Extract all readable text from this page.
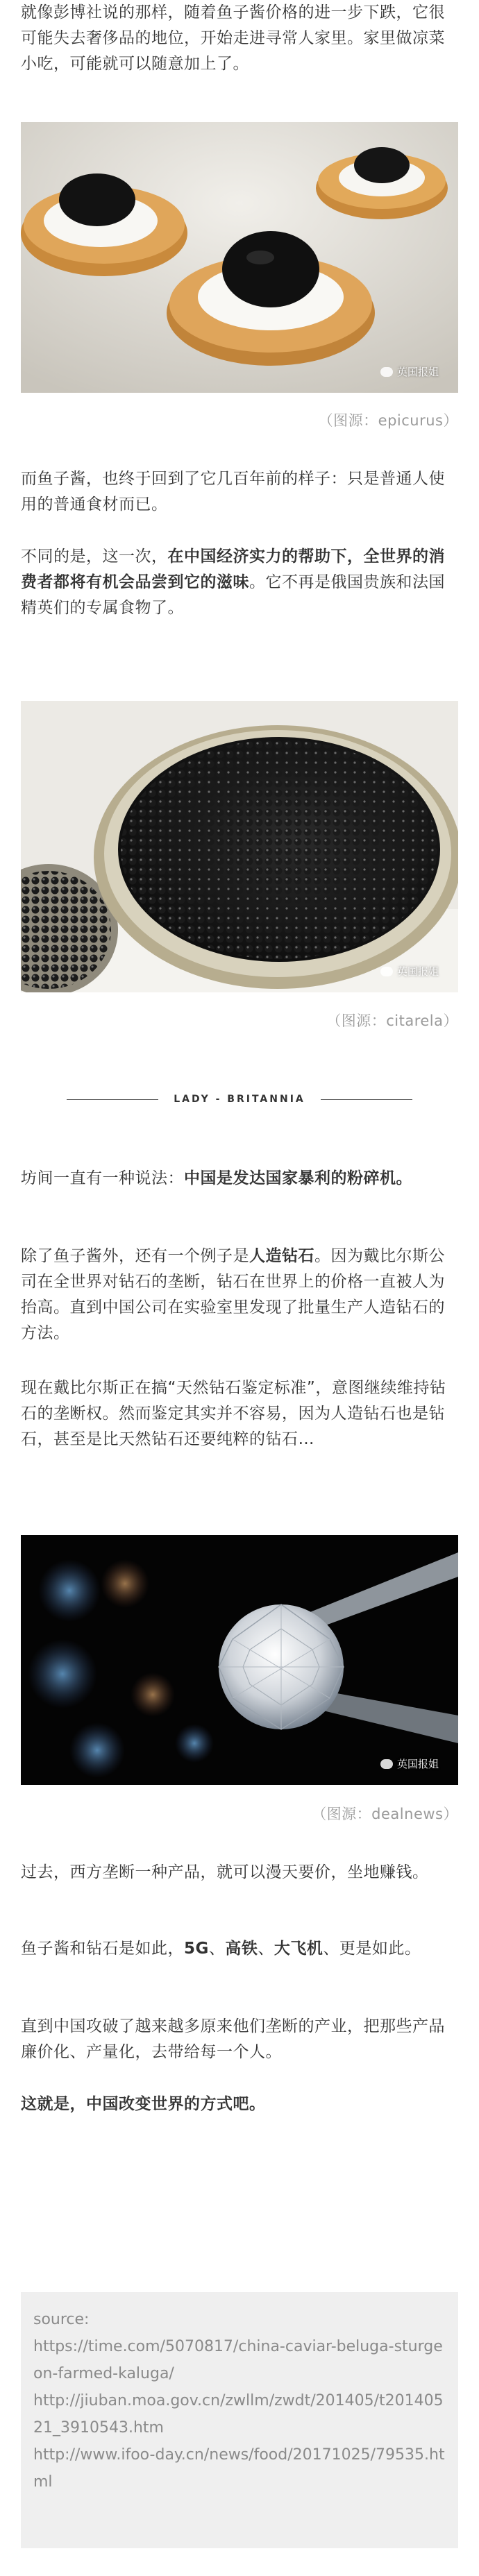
就像彭博社说的那样，随着鱼子酱价格的进一步下跌，它很可能失去奢侈品的地位，开始走进寻常人家里。家里做凉菜小吃，可能就可以随意加上了。

英国报姐
（图源：epicurus）

而鱼子酱，也终于回到了它几百年前的样子：只是普通人使用的普通食材而已。

不同的是，这一次，在中国经济实力的帮助下，全世界的消费者都将有机会品尝到它的滋味。它不再是俄国贵族和法国精英们的专属食物了。

英国报姐
（图源：citarela）
LADY - BRITANNIA

坊间一直有一种说法：中国是发达国家暴利的粉碎机。

除了鱼子酱外，还有一个例子是人造钻石。因为戴比尔斯公司在全世界对钻石的垄断，钻石在世界上的价格一直被人为抬高。直到中国公司在实验室里发现了批量生产人造钻石的方法。

现在戴比尔斯正在搞“天然钻石鉴定标准”，意图继续维持钻石的垄断权。然而鉴定其实并不容易，因为人造钻石也是钻石，甚至是比天然钻石还要纯粹的钻石…

英国报姐
（图源：dealnews）

过去，西方垄断一种产品，就可以漫天要价，坐地赚钱。

鱼子酱和钻石是如此，5G、高铁、大飞机、更是如此。

直到中国攻破了越来越多原来他们垄断的产业，把那些产品廉价化、产量化，去带给每一个人。

这就是，中国改变世界的方式吧。

source:
https://time.com/5070817/china-caviar-beluga-sturgeon-farmed-kaluga/
http://jiuban.moa.gov.cn/zwllm/zwdt/201405/t20140521_3910543.htm
http://www.ifoo-day.cn/news/food/20171025/79535.html
